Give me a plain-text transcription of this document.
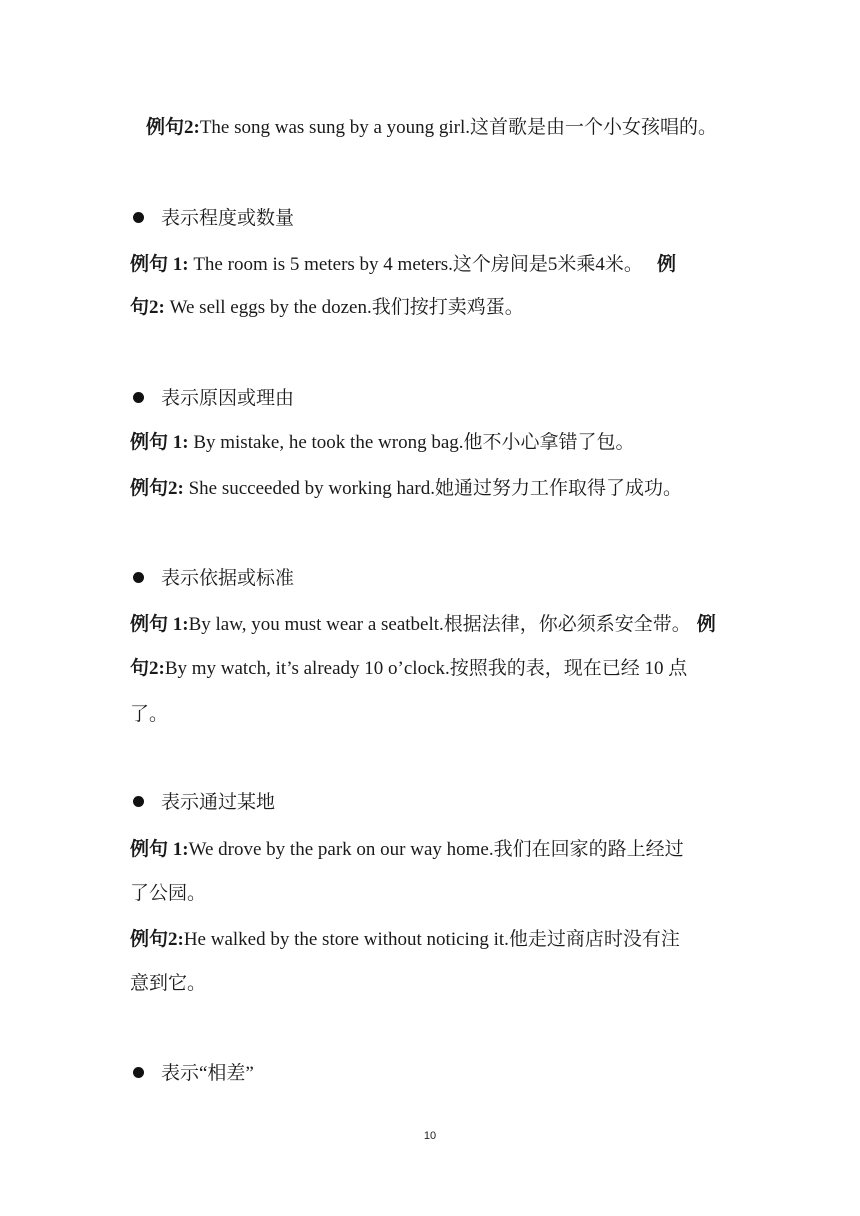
例句2:The song was sung by a young girl.这首歌是由一个小女孩唱的。
表示程度或数量
例句 1: The room is 5 meters by 4 meters.这个房间是5米乘4米。 例
句2: We sell eggs by the dozen.我们按打卖鸡蛋。
表示原因或理由
例句 1: By mistake, he took the wrong bag.他不小心拿错了包。
例句2: She succeeded by working hard.她通过努力工作取得了成功。
表示依据或标准
例句 1:By law, you must wear a seatbelt.根据法律，你必须系安全带。 例
句2:By my watch, it’s already 10 o’clock.按照我的表，现在已经 10 点
了。
表示通过某地
例句 1:We drove by the park on our way home.我们在回家的路上经过
了公园。
例句2:He walked by the store without noticing it.他走过商店时没有注
意到它。
表示“相差”
10
